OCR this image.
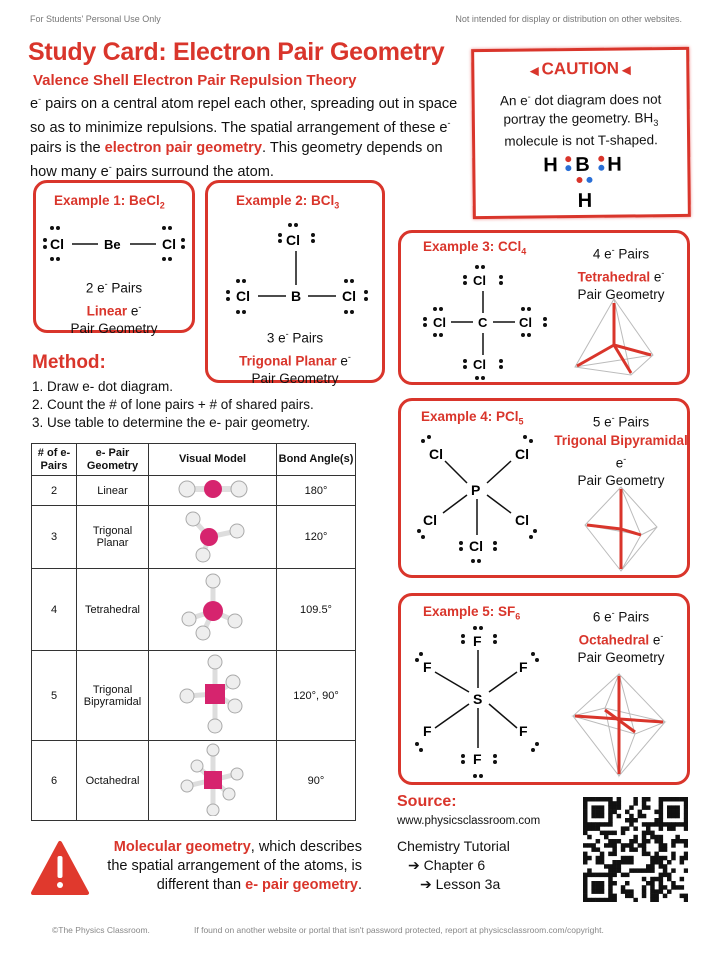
For Students' Personal Use Only	Not intended for display or distribution on other websites.
Study Card: Electron Pair Geometry
Valence Shell Electron Pair Repulsion Theory
e- pairs on a central atom repel each other, spreading out in space so as to minimize repulsions. The spatial arrangement of these e- pairs is the electron pair geometry. This geometry depends on how many e- pairs surround the atom.
◀︎ CAUTION ◀︎
An e- dot diagram does not portray the geometry. $BH_3$ molecule is not T-shaped.
H B H
H
Example 1: BeCl$_2$
Cl	Be	Cl
2 e- Pairs
Linear e-
Pair Geometry
Example 2: BCl$_3$
Cl
B
Cl	Cl
3 e- Pairs
Trigonal Planar e-
Pair Geometry
Example 3: CCl$_4$
Cl
C
Cl	Cl
Cl
4 e- Pairs
Tetrahedral e-
Pair Geometry
Example 4: PCl$_5$
P
Cl	Cl
Cl	Cl
Cl
5 e- Pairs
Trigonal Bipyramidal e-
Pair Geometry
Example 5: $SF_6$
S
F
F
F	F
F	F
6 e- Pairs
Octahedral e-
Pair Geometry
Method:
1. Draw e- dot diagram.
2. Count the # of lone pairs + # of shared pairs.
3. Use table to determine the e- pair geometry.
# of e- Pairs	e- Pair Geometry	Visual Model	Bond Angle(s)
2	Linear		180°
3	Trigonal Planar		120°
4	Tetrahedral		109.5°
5	Trigonal Bipyramidal		120°, 90°
6	Octahedral		90°
Molecular geometry, which describes the spatial arrangement of the atoms, is different than e- pair geometry.
Source:
www.physicsclassroom.com
Chemistry Tutorial
➔ Chapter 6
➔ Lesson 3a
©The Physics Classroom.	If found on another website or portal that isn't password protected, report at physicsclassroom.com/copyright.
